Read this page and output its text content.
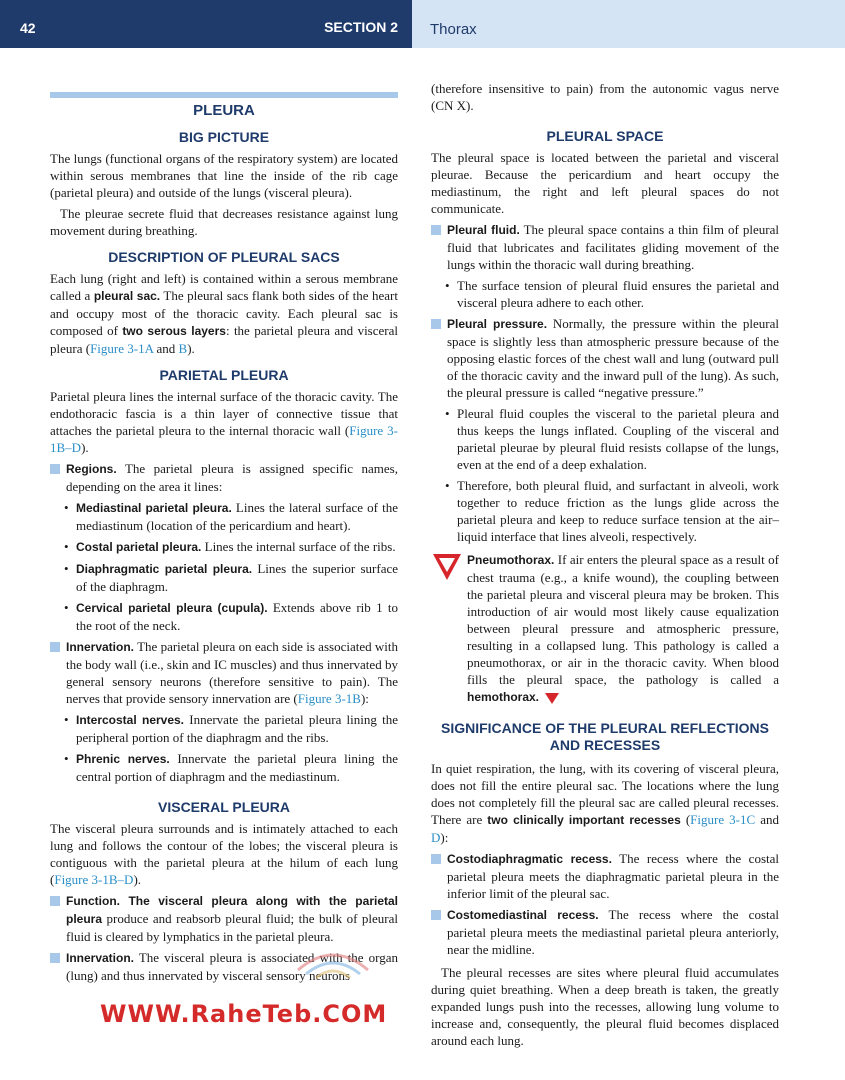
42	SECTION 2 Thorax
PLEURA
BIG PICTURE

The lungs (functional organs of the respiratory system) are located within serous membranes that line the inside of the rib cage (parietal pleura) and outside of the lungs (visceral pleura).

The pleurae secrete fluid that decreases resistance against lung movement during breathing.

DESCRIPTION OF PLEURAL SACS

Each lung (right and left) is contained within a serous membrane called a pleural sac. The pleural sacs flank both sides of the heart and occupy most of the thoracic cavity. Each pleural sac is composed of two serous layers: the parietal pleura and visceral pleura (Figure 3-1A and B).

PARIETAL PLEURA

Parietal pleura lines the internal surface of the thoracic cavity. The endothoracic fascia is a thin layer of connective tissue that attaches the parietal pleura to the internal thoracic wall (Figure 3-1B–D).

Regions. The parietal pleura is assigned specific names, depending on the area it lines:
• Mediastinal parietal pleura. Lines the lateral surface of the mediastinum (location of the pericardium and heart).
• Costal parietal pleura. Lines the internal surface of the ribs.
• Diaphragmatic parietal pleura. Lines the superior surface of the diaphragm.
• Cervical parietal pleura (cupula). Extends above rib 1 to the root of the neck.
Innervation. The parietal pleura on each side is associated with the body wall (i.e., skin and IC muscles) and thus innervated by general sensory neurons (therefore sensitive to pain). The nerves that provide sensory innervation are (Figure 3-1B):
• Intercostal nerves. Innervate the parietal pleura lining the peripheral portion of the diaphragm and the ribs.
• Phrenic nerves. Innervate the parietal pleura lining the central portion of diaphragm and the mediastinum.
VISCERAL PLEURA

The visceral pleura surrounds and is intimately attached to each lung and follows the contour of the lobes; the visceral pleura is contiguous with the parietal pleura at the hilum of each lung (Figure 3-1B–D).

Function. The visceral pleura along with the parietal pleura produce and reabsorb pleural fluid; the bulk of pleural fluid is cleared by lymphatics in the parietal pleura.
Innervation. The visceral pleura is associated with the organ (lung) and thus innervated by visceral sensory neurons

(therefore insensitive to pain) from the autonomic vagus nerve (CN X).

PLEURAL SPACE

The pleural space is located between the parietal and visceral pleurae. Because the pericardium and heart occupy the mediastinum, the right and left pleural spaces do not communicate.

Pleural fluid. The pleural space contains a thin film of pleural fluid that lubricates and facilitates gliding movement of the lungs within the thoracic wall during breathing.
• The surface tension of pleural fluid ensures the parietal and visceral pleura adhere to each other.
Pleural pressure. Normally, the pressure within the pleural space is slightly less than atmospheric pressure because of the opposing elastic forces of the chest wall and lung (outward pull of the thoracic cavity and the inward pull of the lung). As such, the pleural pressure is called “negative pressure.”
• Pleural fluid couples the visceral to the parietal pleura and thus keeps the lungs inflated. Coupling of the visceral and parietal pleurae by pleural fluid resists collapse of the lungs, even at the end of a deep exhalation.
• Therefore, both pleural fluid, and surfactant in alveoli, work together to reduce friction as the lungs glide across the parietal pleura and keep to reduce surface tension at the air–liquid interface that lines alveoli, respectively.
Pneumothorax. If air enters the pleural space as a result of chest trauma (e.g., a knife wound), the coupling between the parietal pleura and visceral pleura may be broken. This introduction of air would most likely cause equalization between pleural pressure and atmospheric pressure, resulting in a collapsed lung. This pathology is called a pneumothorax, or air in the thoracic cavity. When blood fills the pleural space, the pathology is called a hemothorax.
SIGNIFICANCE OF THE PLEURAL REFLECTIONS
AND RECESSES

In quiet respiration, the lung, with its covering of visceral pleura, does not fill the entire pleural sac. The locations where the lung does not completely fill the pleural sac are called pleural recesses. There are two clinically important recesses (Figure 3-1C and D):

Costodiaphragmatic recess. The recess where the costal parietal pleura meets the diaphragmatic parietal pleura in the inferior limit of the pleural sac.
Costomediastinal recess. The recess where the costal parietal pleura meets the mediastinal parietal pleura anteriorly, near the midline.

The pleural recesses are sites where pleural fluid accumulates during quiet breathing. When a deep breath is taken, the greatly expanded lungs push into the recesses, allowing lung volume to increase and, consequently, the pleural fluid becomes displaced around each lung.

WWW.RaheTeb.COM
